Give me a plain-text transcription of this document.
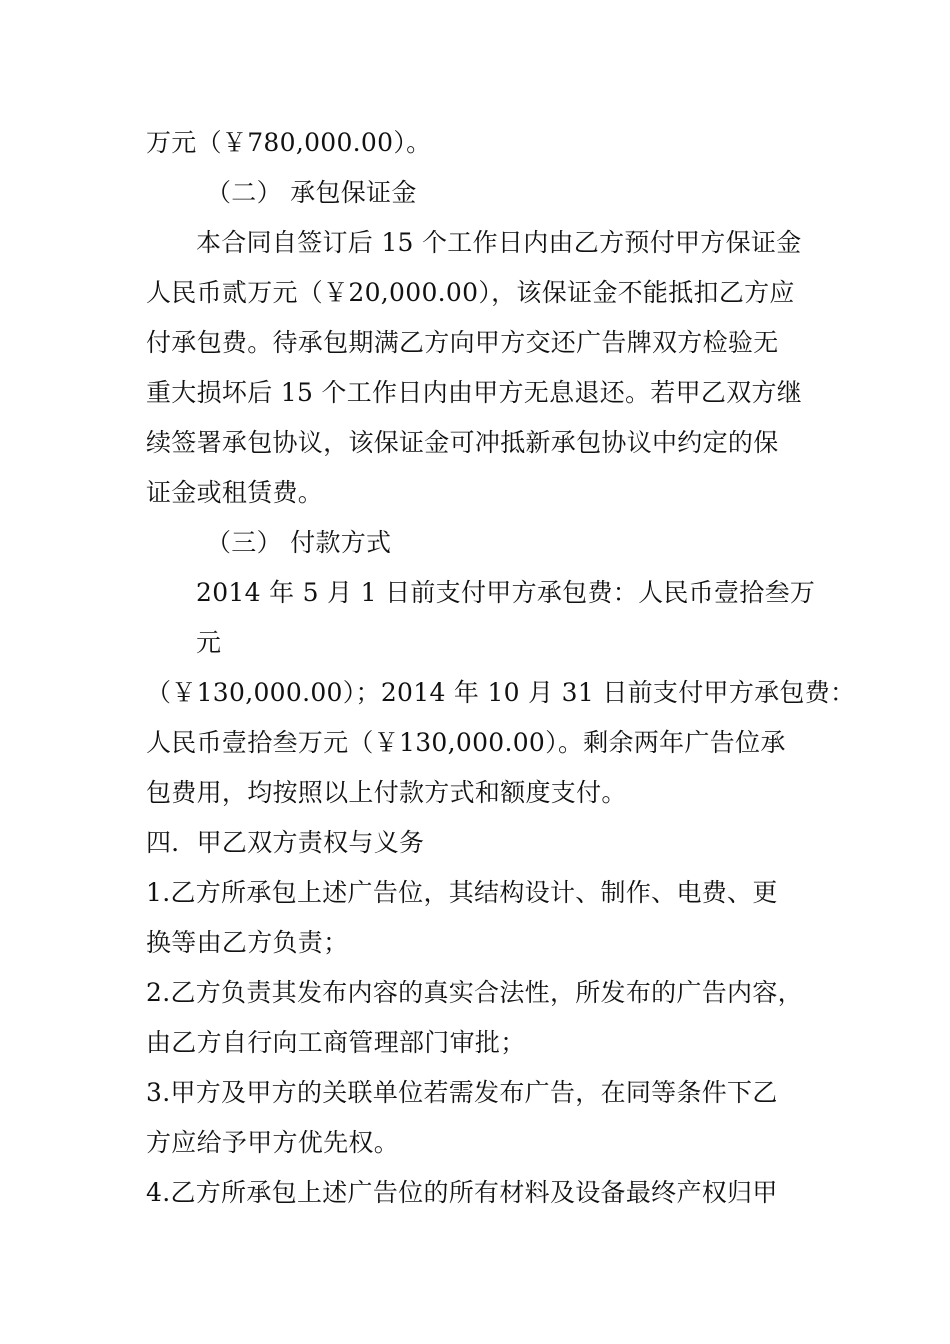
万元（￥780,000.00）。
（二） 承包保证金
本合同自签订后 15 个工作日内由乙方预付甲方保证金
人民币贰万元（￥20,000.00），该保证金不能抵扣乙方应
付承包费。待承包期满乙方向甲方交还广告牌双方检验无
重大损坏后 15 个工作日内由甲方无息退还。若甲乙双方继
续签署承包协议，该保证金可冲抵新承包协议中约定的保
证金或租赁费。
（三） 付款方式
2014 年 5 月 1 日前支付甲方承包费：人民币壹拾叁万
元
（￥130,000.00）；2014 年 10 月 31 日前支付甲方承包费：
人民币壹拾叁万元（￥130,000.00）。剩余两年广告位承
包费用，均按照以上付款方式和额度支付。
四．甲乙双方责权与义务
1.乙方所承包上述广告位，其结构设计、制作、电费、更
换等由乙方负责；
2.乙方负责其发布内容的真实合法性，所发布的广告内容，
由乙方自行向工商管理部门审批；
3.甲方及甲方的关联单位若需发布广告，在同等条件下乙
方应给予甲方优先权。
4.乙方所承包上述广告位的所有材料及设备最终产权归甲
